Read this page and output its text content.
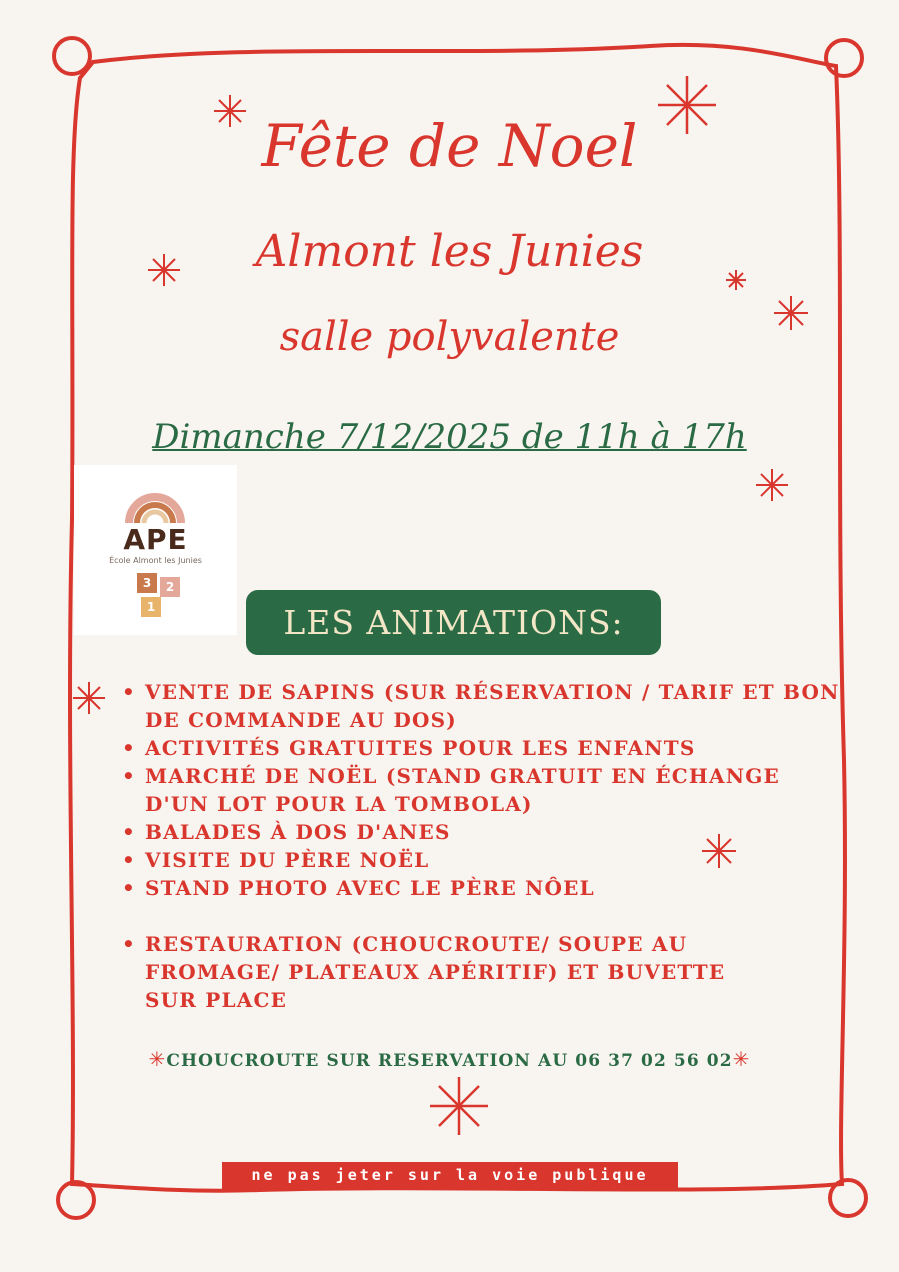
Fête de Noel
Almont les Junies
salle polyvalente
Dimanche 7/12/2025 de 11h à 17h
APE
École Almont les Junies
3	2
1	LES ANIMATIONS:
• VENTE DE SAPINS (SUR RÉSERVATION / TARIF ET BON DE COMMANDE AU DOS)
• ACTIVITÉS GRATUITES POUR LES ENFANTS
• MARCHÉ DE NOËL (STAND GRATUIT EN ÉCHANGE D'UN LOT POUR LA TOMBOLA)
• BALADES À DOS D'ANES
• VISITE DU PÈRE NOËL
• STAND PHOTO AVEC LE PÈRE NÔEL
• RESTAURATION (CHOUCROUTE/ SOUPE AU FROMAGE/ PLATEAUX APÉRITIF) ET BUVETTE SUR PLACE
✳CHOUCROUTE SUR RESERVATION AU 06 37 02 56 02✳
ne pas jeter sur la voie publique
